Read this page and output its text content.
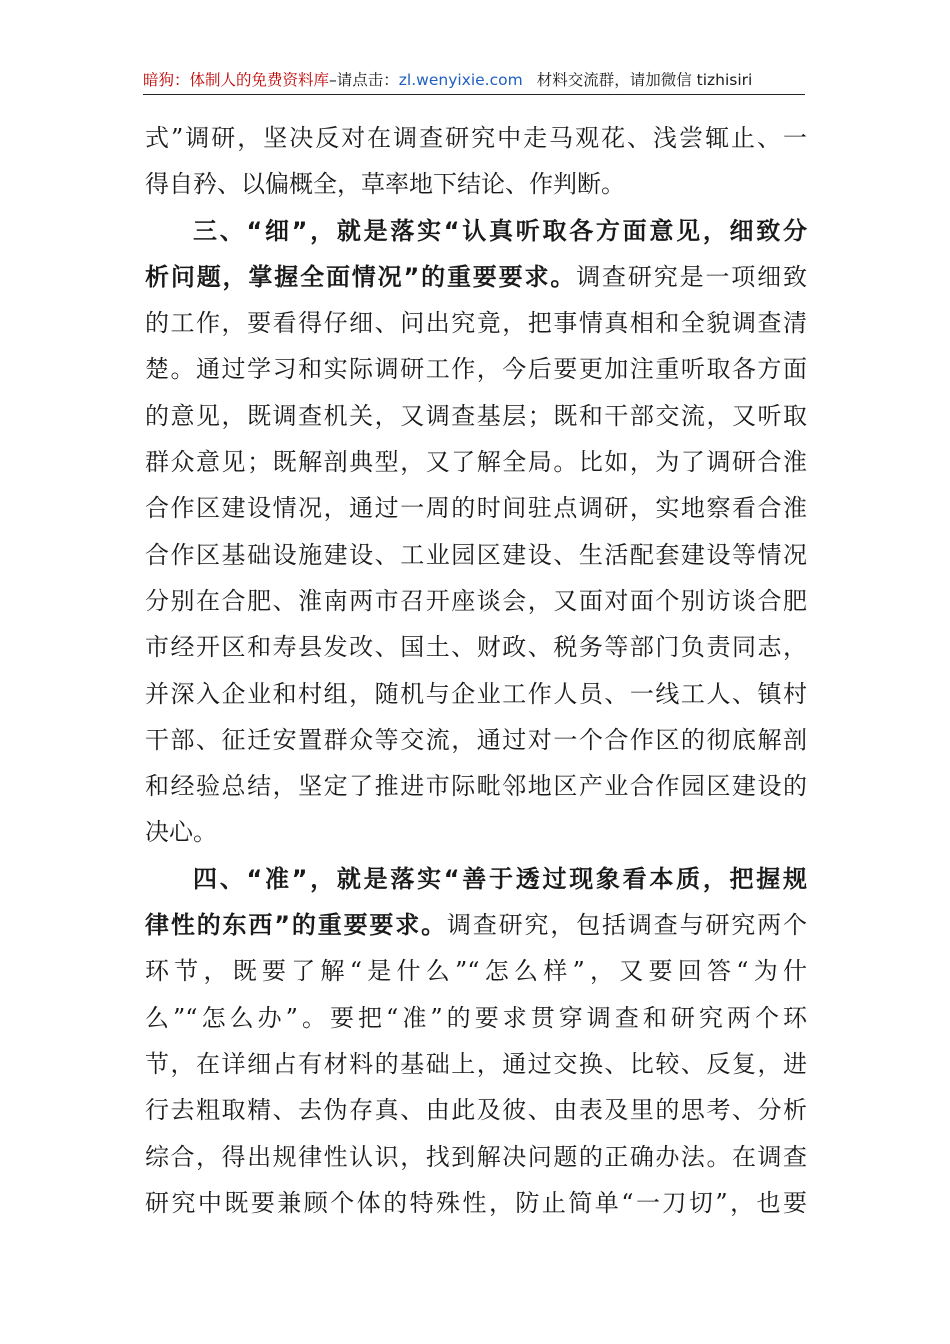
暗狗：体制人的免费资料库–请点击：zl.wenyixie.com 材料交流群，请加微信 tizhisiri
式”调研，坚决反对在调查研究中走马观花、浅尝辄止、一
得自矜、以偏概全，草率地下结论、作判断。
三、“细”，就是落实“认真听取各方面意见，细致分
析问题，掌握全面情况”的重要要求。调查研究是一项细致
的工作，要看得仔细、问出究竟，把事情真相和全貌调查清
楚。通过学习和实际调研工作，今后要更加注重听取各方面
的意见，既调查机关，又调查基层；既和干部交流，又听取
群众意见；既解剖典型，又了解全局。比如，为了调研合淮
合作区建设情况，通过一周的时间驻点调研，实地察看合淮
合作区基础设施建设、工业园区建设、生活配套建设等情况
分别在合肥、淮南两市召开座谈会，又面对面个别访谈合肥
市经开区和寿县发改、国土、财政、税务等部门负责同志，
并深入企业和村组，随机与企业工作人员、一线工人、镇村
干部、征迁安置群众等交流，通过对一个合作区的彻底解剖
和经验总结，坚定了推进市际毗邻地区产业合作园区建设的
决心。
四、“准”，就是落实“善于透过现象看本质，把握规
律性的东西”的重要要求。调查研究，包括调查与研究两个
环节，既要了解“是什么”“怎么样”，又要回答“为什
么”“怎么办”。要把“准”的要求贯穿调查和研究两个环
节，在详细占有材料的基础上，通过交换、比较、反复，进
行去粗取精、去伪存真、由此及彼、由表及里的思考、分析
综合，得出规律性认识，找到解决问题的正确办法。在调查
研究中既要兼顾个体的特殊性，防止简单“一刀切”，也要
